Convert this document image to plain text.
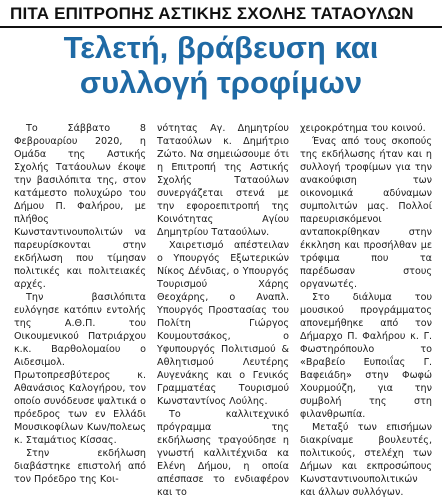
ΠΙΤΑ ΕΠΙΤΡΟΠΗΣ ΑΣΤΙΚΗΣ ΣΧΟΛΗΣ ΤΑΤΑΟΥΛΩΝ
Τελετή, βράβευση και
συλλογή τροφίμων

Το Σάββατο 8 Φεβρουαρίου 2020, η Ομάδα της Αστικής Σχολής Τατάουλων έκοψε την βασιλόπιτα της, στον κατάμεστο πολυχώρο του Δήμου Π. Φαλήρου, με πλήθος Κωνσταντινουπολιτών να παρευρίσκονται στην εκδήλωση που τίμησαν πολιτικές και πολιτειακές αρχές.

Την βασιλόπιτα ευλόγησε κατόπιν εντολής της Α.Θ.Π. του Οικουμενικού Πατριάρχου κ.κ. Βαρθολομαίου ο Αιδεσιμολ. Πρωτοπρεσβύτερος κ. Αθανάσιος Καλογήρου, τον οποίο συνόδευσε ψαλτικά ο πρόεδρος των εν Ελλάδι Μουσικοφίλων Κων/πολεως κ. Σταμάτιος Κίσσας.

Στην εκδήλωση διαβάστηκε επιστολή από τον Πρόεδρο της Κοι-

νότητας Αγ. Δημητρίου Ταταούλων κ. Δημήτριο Ζώτο. Να σημειώσουμε ότι η Επιτροπή της Αστικής Σχολής Ταταούλων συνεργάζεται στενά με την εφοροεπιτροπή της Κοινότητας Αγίου Δημητρίου Ταταούλων.

Χαιρετισμό απέστειλαν ο Υπουργός Εξωτερικών Νίκος Δένδιας, ο Υπουργός Τουρισμού Χάρης Θεοχάρης, ο Αναπλ. Υπουργός Προστασίας του Πολίτη Γιώργος Κουμουτσάκος, ο Υφυπουργός Πολιτισμού & Αθλητισμού Λευτέρης Αυγενάκης και ο Γενικός Γραμματέας Τουρισμού Κωνσταντίνος Λούλης.

Το καλλιτεχνικό πρόγραμμα της εκδήλωσης τραγούδησε η γνωστή καλλιτέχνιδα κα Ελένη Δήμου, η οποία απέσπασε το ενδιαφέρον και το

χειροκρότημα του κοινού.

Ένας από τους σκοπούς της εκδήλωσης ήταν και η συλλογή τροφίμων για την ανακούφιση των οικονομικά αδύναμων συμπολιτών μας. Πολλοί παρευρισκόμενοι ανταποκρίθηκαν στην έκκληση και προσήλθαν με τρόφιμα που τα παρέδωσαν στους οργανωτές.

Στο διάλυμα του μουσικού προγράμματος απονεμήθηκε από τον Δήμαρχο Π. Φαλήρου κ. Γ. Φωστηρόπουλο το «Βραβείο Ευποιΐας Γ. Βαφειάδη» στην Φωφώ Χουρμούζη, για την συμβολή της στη φιλανθρωπία.

Μεταξύ των επισήμων διακρίναμε βουλευτές, πολιτικούς, στελέχη των Δήμων και εκπροσώπους Κωνσταντινουπολιτικών και άλλων συλλόγων.
